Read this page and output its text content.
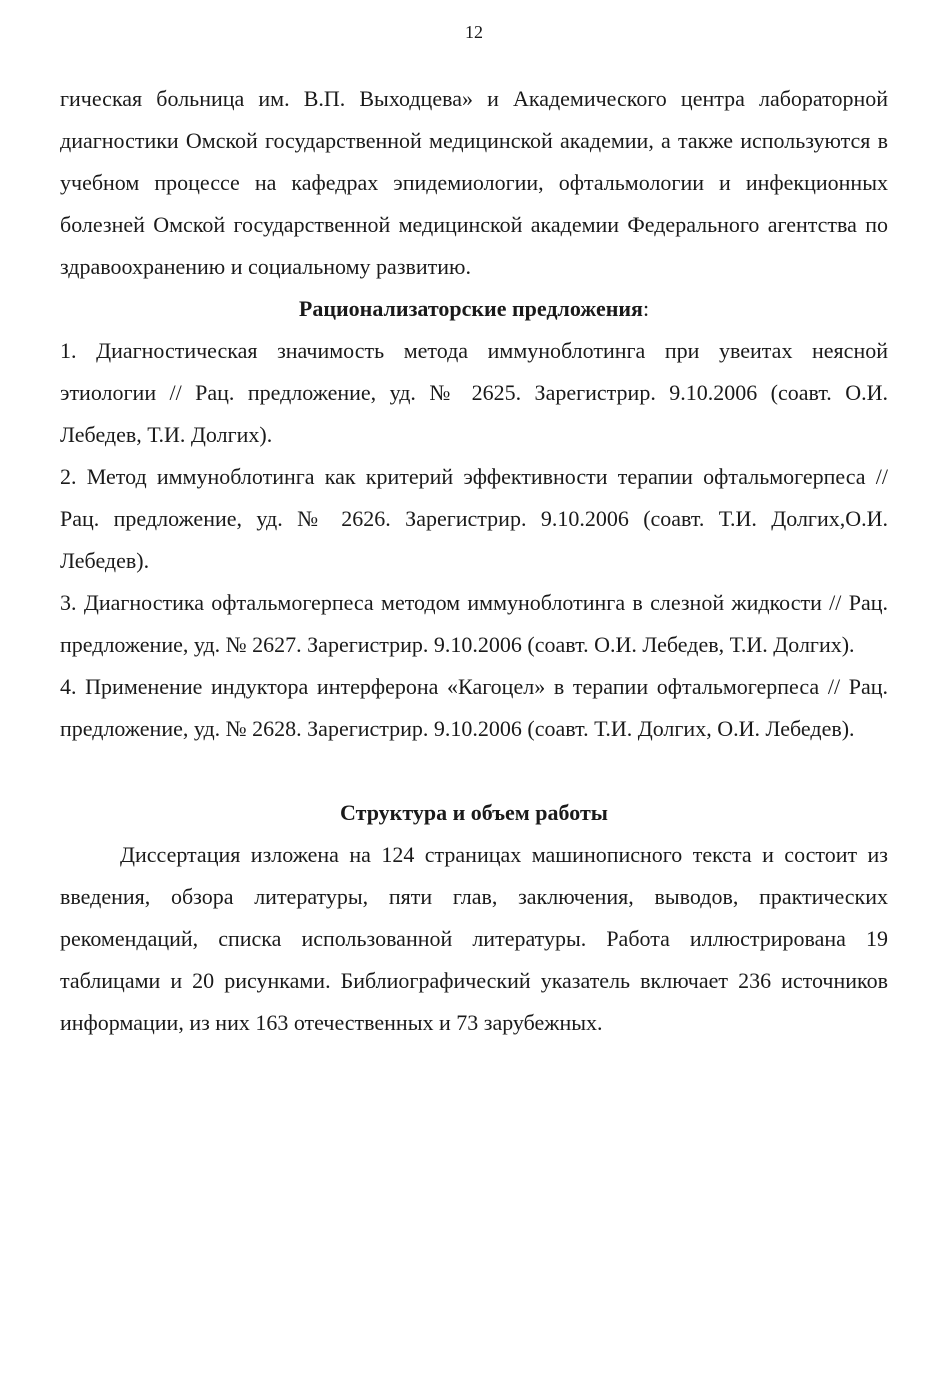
12

гическая больница им. В.П. Выходцева» и Академического центра лабораторной диагностики Омской государственной медицинской академии, а также используются в учебном процессе на кафедрах эпидемиологии, офтальмологии и инфекционных болезней Омской государственной медицинской академии Федерального агентства по здравоохранению и социальному развитию.

Рационализаторские предложения:

1. Диагностическая значимость метода иммуноблотинга при увеитах неясной этиологии // Рац. предложение, уд. № 2625. Зарегистрир. 9.10.2006 (соавт. О.И. Лебедев, Т.И. Долгих).

2. Метод иммуноблотинга как критерий эффективности терапии офтальмогерпеса // Рац. предложение, уд. № 2626. Зарегистрир. 9.10.2006 (соавт. Т.И. Долгих,О.И. Лебедев).

3. Диагностика офтальмогерпеса методом иммуноблотинга в слезной жидкости // Рац. предложение, уд. № 2627. Зарегистрир. 9.10.2006 (соавт. О.И. Лебедев, Т.И. Долгих).

4. Применение индуктора интерферона «Кагоцел» в терапии офтальмогерпеса // Рац. предложение, уд. № 2628. Зарегистрир. 9.10.2006 (соавт. Т.И. Долгих, О.И. Лебедев).

Структура и объем работы

Диссертация изложена на 124 страницах машинописного текста и состоит из введения, обзора литературы, пяти глав, заключения, выводов, практических рекомендаций, списка использованной литературы. Работа иллюстрирована 19 таблицами и 20 рисунками. Библиографический указатель включает 236 источников информации, из них 163 отечественных и 73 зарубежных.
